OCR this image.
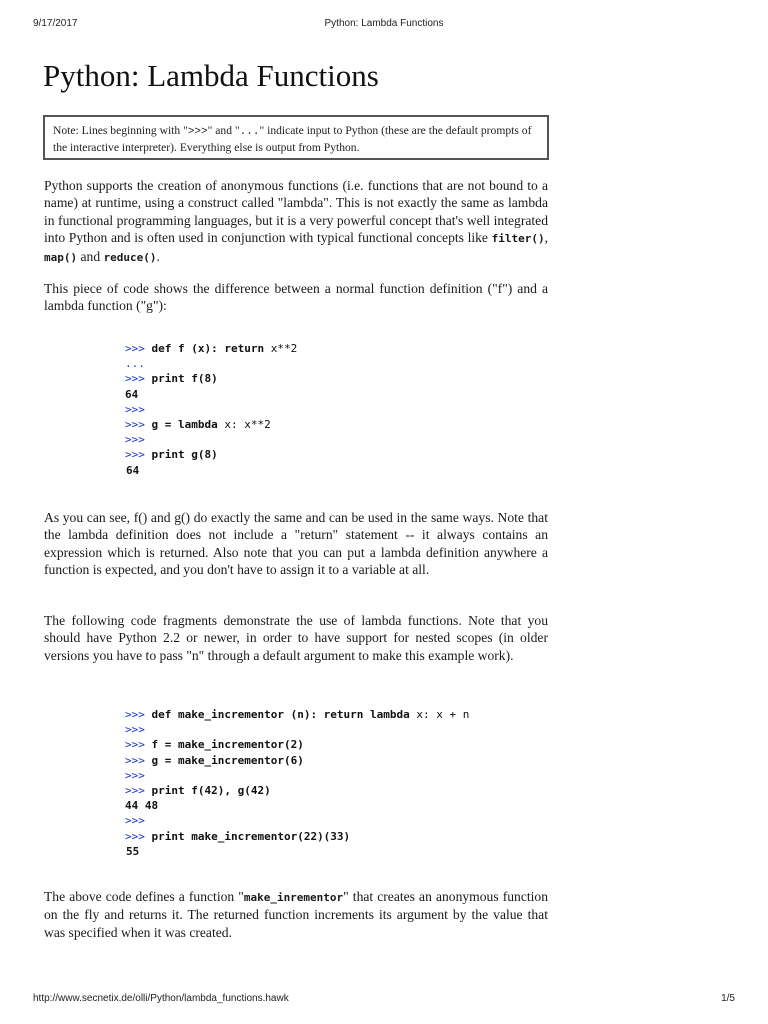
9/17/2017	Python: Lambda Functions
Python: Lambda Functions
Note: Lines beginning with ">>>" and "..." indicate input to Python (these are the default prompts of the interactive interpreter). Everything else is output from Python.

Python supports the creation of anonymous functions (i.e. functions that are not bound to a name) at runtime, using a construct called "lambda". This is not exactly the same as lambda in functional programming languages, but it is a very powerful concept that's well integrated into Python and is often used in conjunction with typical functional concepts like filter(), map() and reduce().

This piece of code shows the difference between a normal function definition ("f") and a lambda function ("g"):

>>> def f (x): return x**2
...
>>> print f(8)
64
>>>
>>> g = lambda x: x**2
>>>
>>> print g(8)
64

As you can see, f() and g() do exactly the same and can be used in the same ways. Note that the lambda definition does not include a "return" statement -- it always contains an expression which is returned. Also note that you can put a lambda definition anywhere a function is expected, and you don't have to assign it to a variable at all.

The following code fragments demonstrate the use of lambda functions. Note that you should have Python 2.2 or newer, in order to have support for nested scopes (in older versions you have to pass "n" through a default argument to make this example work).

>>> def make_incrementor (n): return lambda x: x + n
>>>
>>> f = make_incrementor(2)
>>> g = make_incrementor(6)
>>>
>>> print f(42), g(42)
44 48
>>>
>>> print make_incrementor(22)(33)
55

The above code defines a function "make_inrementor" that creates an anonymous function on the fly and returns it. The returned function increments its argument by the value that was specified when it was created.

http://www.secnetix.de/olli/Python/lambda_functions.hawk	1/5
